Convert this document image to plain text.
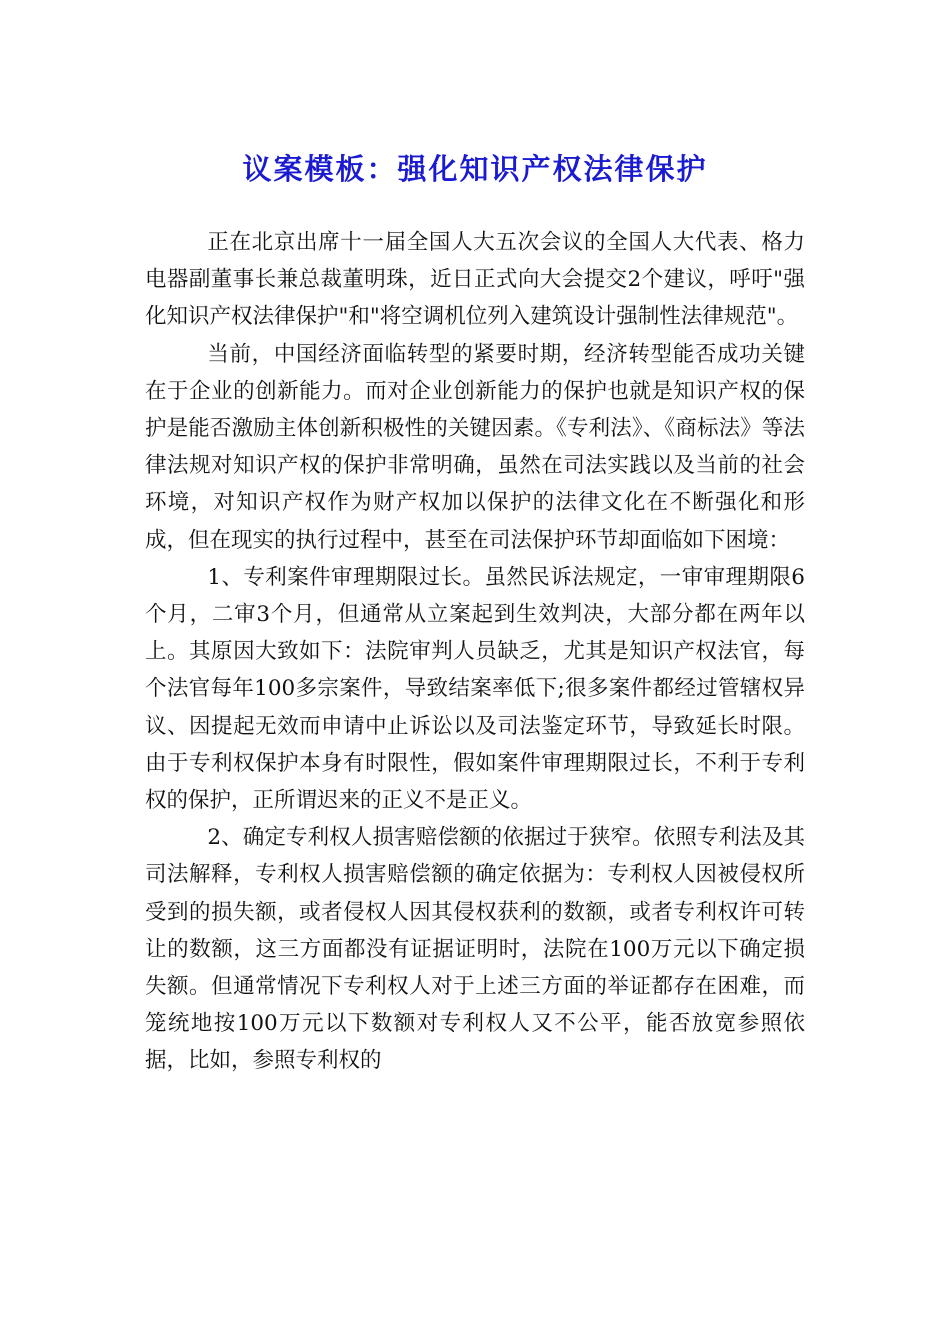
议案模板：强化知识产权法律保护

正在北京出席十一届全国人大五次会议的全国人大代表、格力电器副董事长兼总裁董明珠，近日正式向大会提交2个建议，呼吁"强化知识产权法律保护"和"将空调机位列入建筑设计强制性法律规范"。

当前，中国经济面临转型的紧要时期，经济转型能否成功关键在于企业的创新能力。而对企业创新能力的保护也就是知识产权的保护是能否激励主体创新积极性的关键因素。《专利法》、《商标法》等法律法规对知识产权的保护非常明确，虽然在司法实践以及当前的社会环境，对知识产权作为财产权加以保护的法律文化在不断强化和形成，但在现实的执行过程中，甚至在司法保护环节却面临如下困境：

1、专利案件审理期限过长。虽然民诉法规定，一审审理期限6个月，二审3个月，但通常从立案起到生效判决，大部分都在两年以上。其原因大致如下：法院审判人员缺乏，尤其是知识产权法官，每个法官每年100多宗案件，导致结案率低下;很多案件都经过管辖权异议、因提起无效而申请中止诉讼以及司法鉴定环节，导致延长时限。由于专利权保护本身有时限性，假如案件审理期限过长，不利于专利权的保护，正所谓迟来的正义不是正义。

2、确定专利权人损害赔偿额的依据过于狭窄。依照专利法及其司法解释，专利权人损害赔偿额的确定依据为：专利权人因被侵权所受到的损失额，或者侵权人因其侵权获利的数额，或者专利权许可转让的数额，这三方面都没有证据证明时，法院在100万元以下确定损失额。但通常情况下专利权人对于上述三方面的举证都存在困难，而笼统地按100万元以下数额对专利权人又不公平，能否放宽参照依据，比如，参照专利权的
